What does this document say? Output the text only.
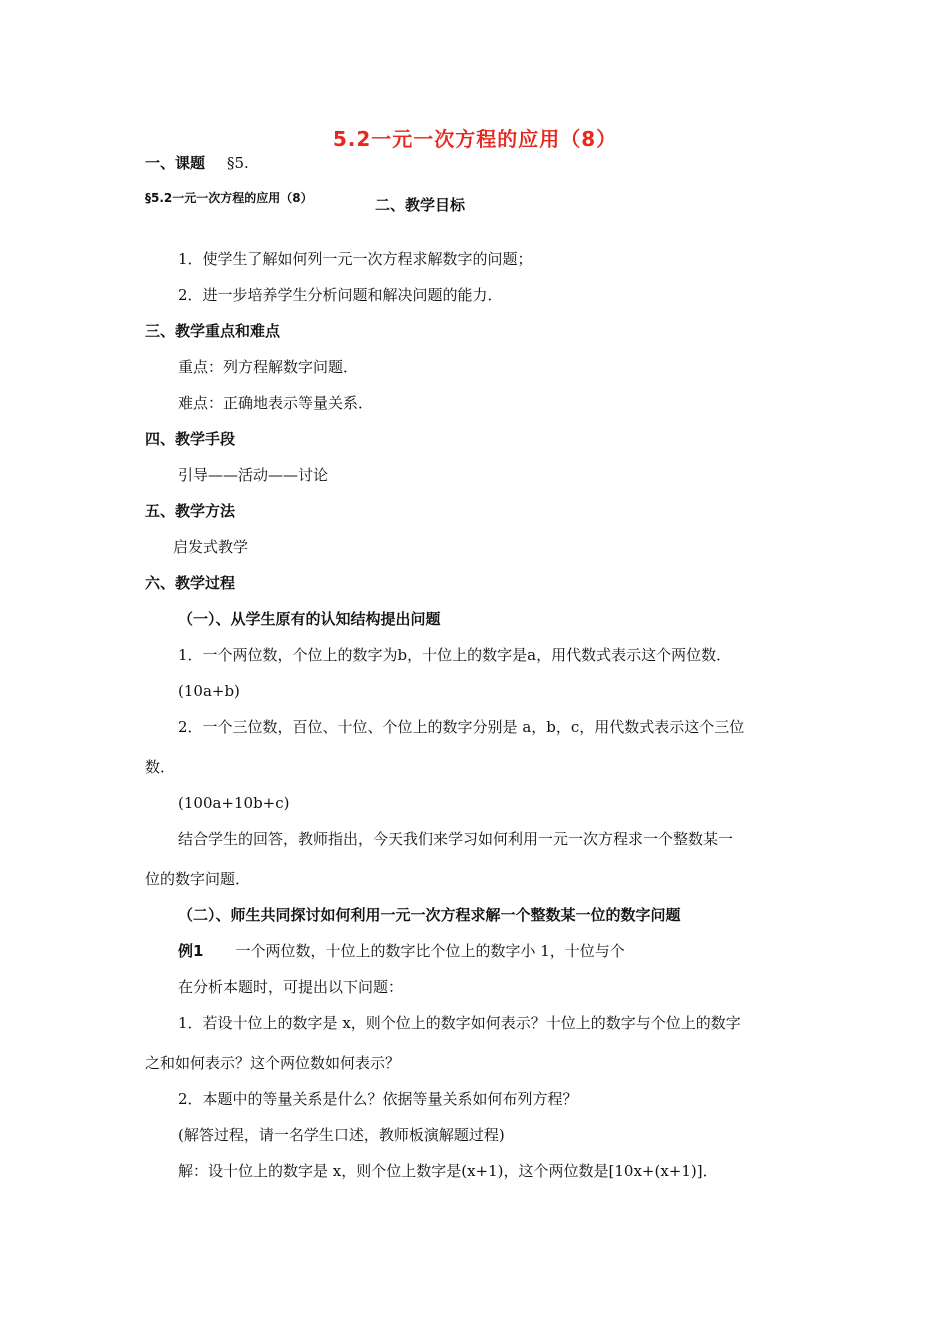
5.2一元一次方程的应用（8）
一、课题 §5.
§5.2一元一次方程的应用（8）	二、教学目标
1．使学生了解如何列一元一次方程求解数字的问题；
2．进一步培养学生分析问题和解决问题的能力．
三、教学重点和难点
重点：列方程解数字问题．
难点：正确地表示等量关系．
四、教学手段
引导——活动——讨论
五、教学方法
启发式教学
六、教学过程
（一）、从学生原有的认知结构提出问题
1．一个两位数，个位上的数字为b，十位上的数字是a，用代数式表示这个两位数．
(10a+b)
2．一个三位数，百位、十位、个位上的数字分别是 a，b，c，用代数式表示这个三位
数．
(100a+10b+c)
结合学生的回答，教师指出，今天我们来学习如何利用一元一次方程求一个整数某一
位的数字问题．
（二）、师生共同探讨如何利用一元一次方程求解一个整数某一位的数字问题
例1 一个两位数，十位上的数字比个位上的数字小 1，十位与个
在分析本题时，可提出以下问题：
1．若设十位上的数字是 x，则个位上的数字如何表示？十位上的数字与个位上的数字
之和如何表示？这个两位数如何表示？
2．本题中的等量关系是什么？依据等量关系如何布列方程？
(解答过程，请一名学生口述，教师板演解题过程)
解：设十位上的数字是 x，则个位上数字是(x+1)，这个两位数是[10x+(x+1)]．
